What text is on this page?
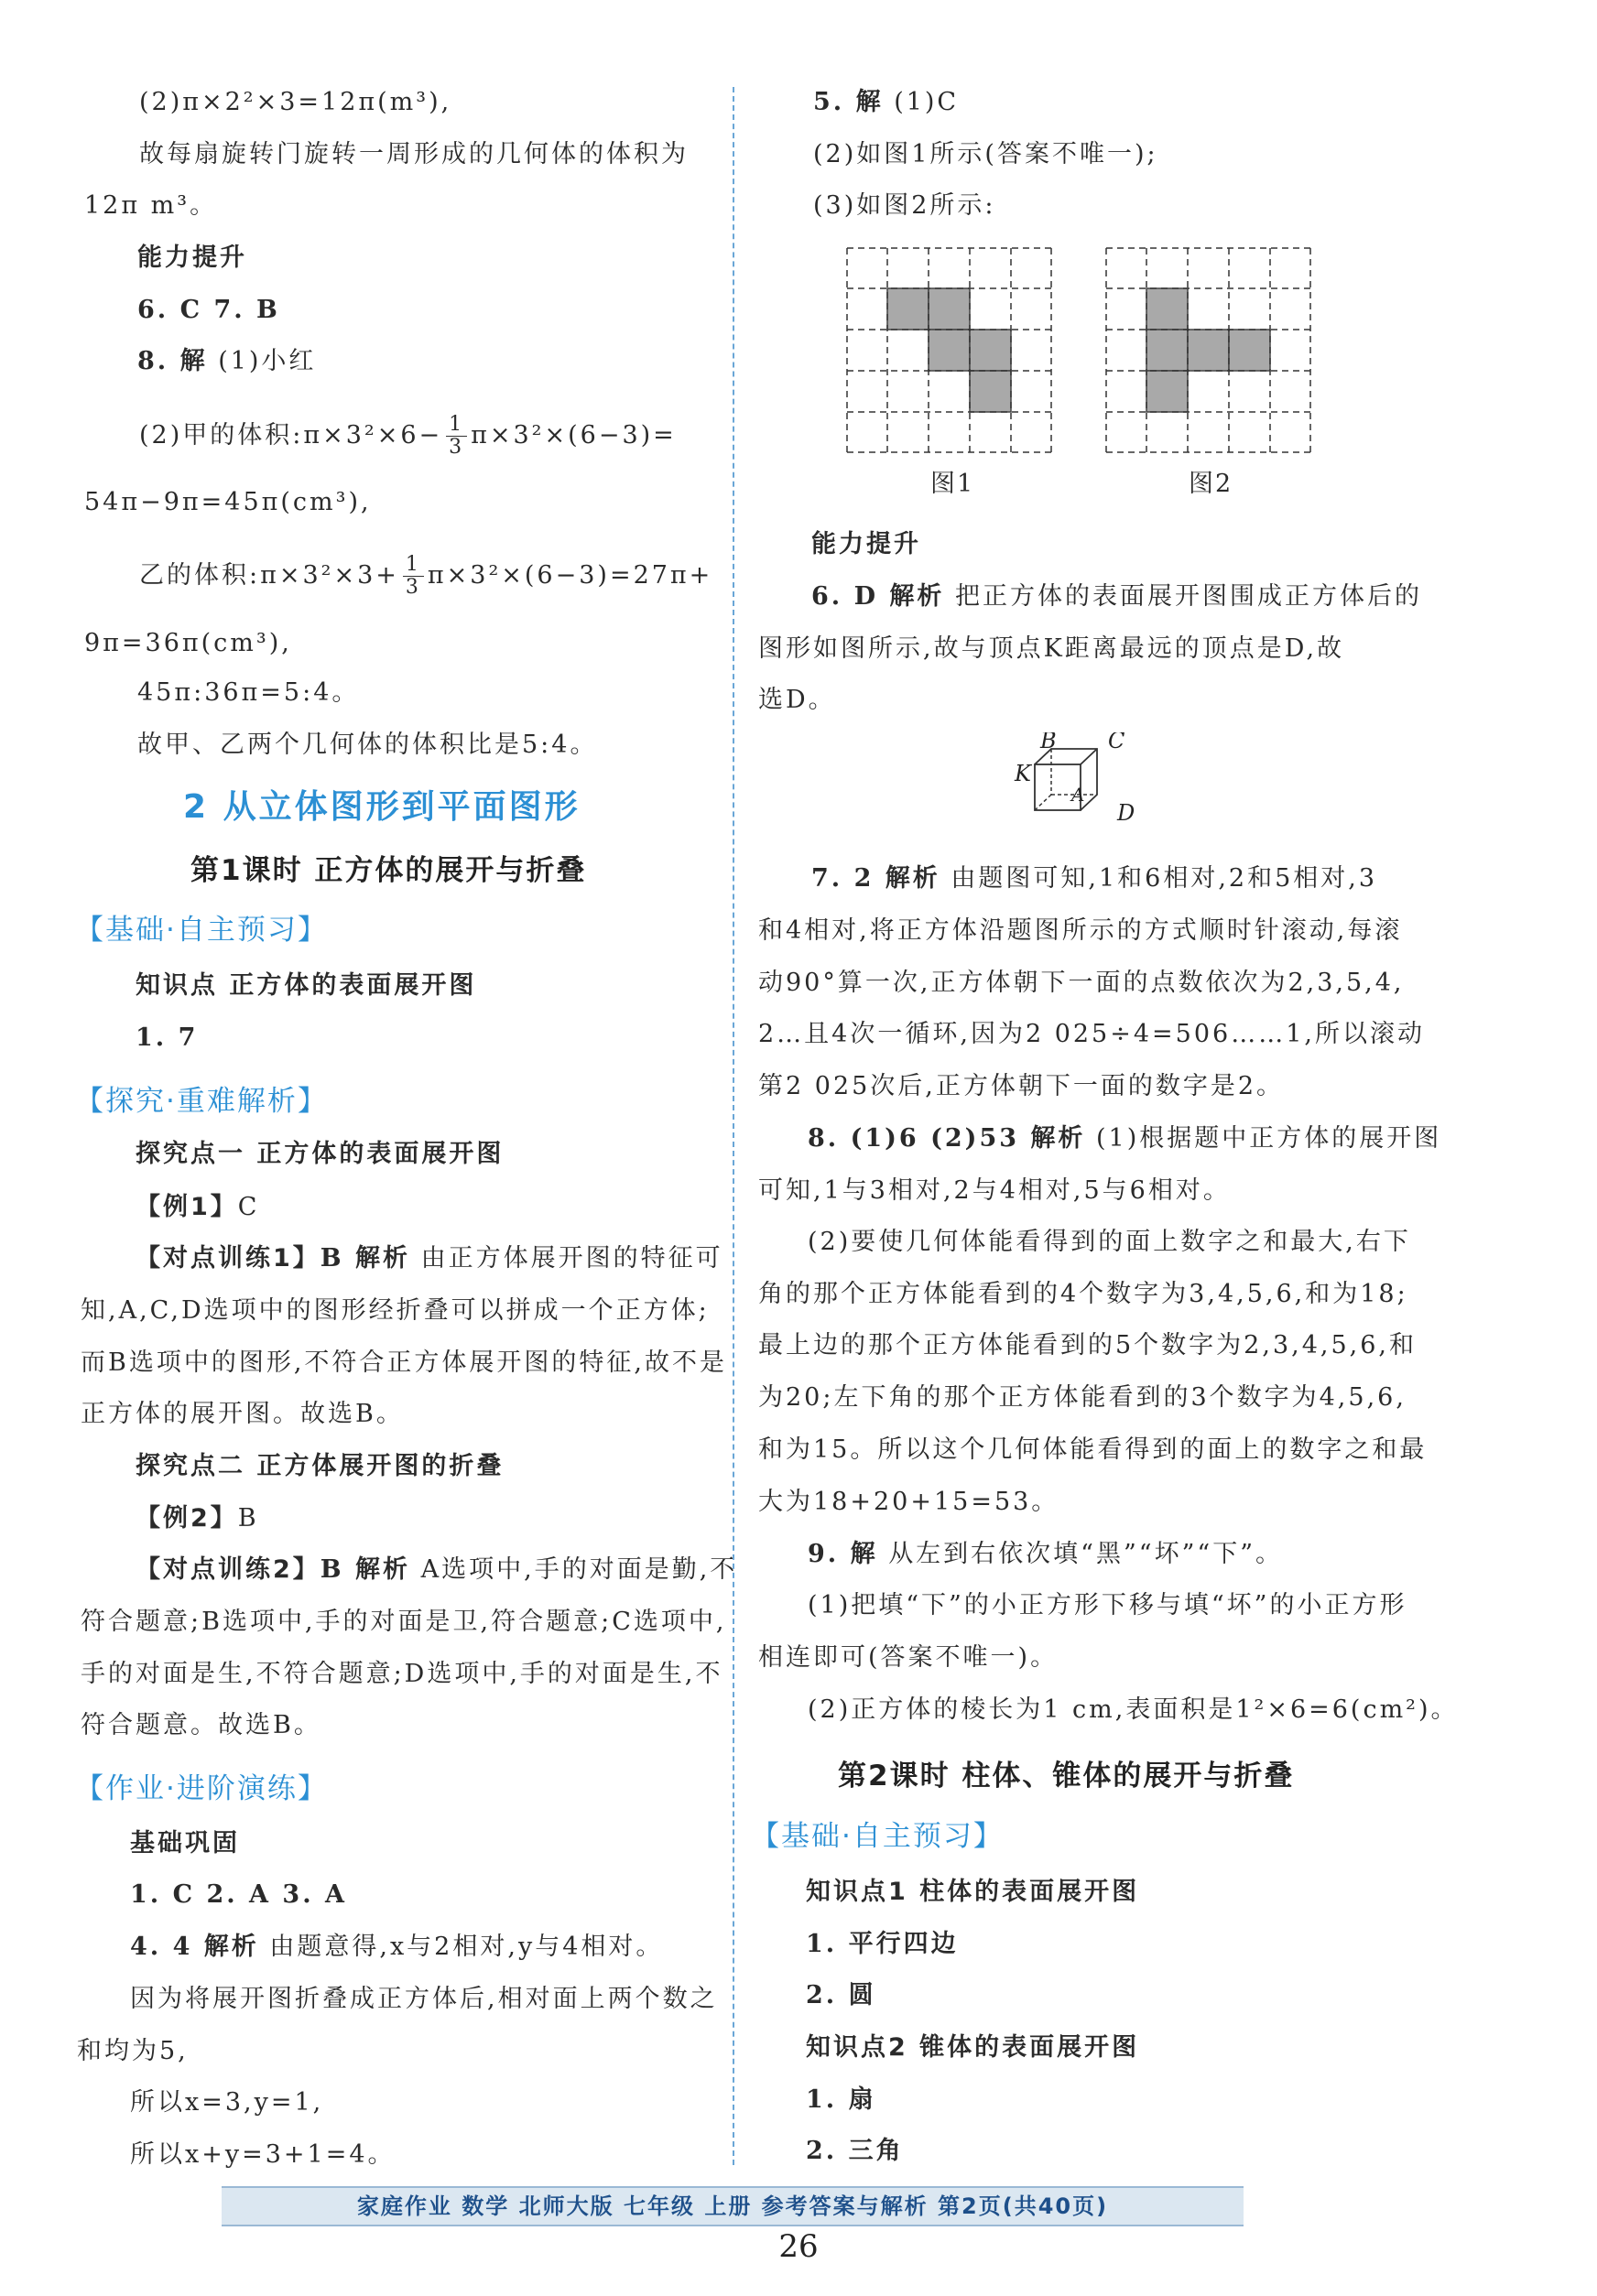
(2)π×2²×3=12π(m³),
故每扇旋转门旋转一周形成的几何体的体积为
12π m³。
能力提升
6. C 7. B
8. 解 (1)小红
(2)甲的体积:π×3²×6− $\frac{1}{3} \pi\times 3^2\times(6-3)=$
54π−9π=45π(cm³),
乙的体积:π×3²×3+ $\frac{1}{3} \pi\times 3^2\times(6-3)=27\pi+$
9π=36π(cm³),
45π:36π=5:4。
故甲、乙两个几何体的体积比是5:4。
2 从立体图形到平面图形
第1课时 正方体的展开与折叠
【基础·自主预习】
知识点 正方体的表面展开图
1. 7
【探究·重难解析】
探究点一 正方体的表面展开图
【例1】C
【对点训练1】B 解析 由正方体展开图的特征可
知,A,C,D选项中的图形经折叠可以拼成一个正方体;
而B选项中的图形,不符合正方体展开图的特征,故不是
正方体的展开图。故选B。
探究点二 正方体展开图的折叠
【例2】B
【对点训练2】B 解析 A选项中,手的对面是勤,不
符合题意;B选项中,手的对面是卫,符合题意;C选项中,
手的对面是生,不符合题意;D选项中,手的对面是生,不
符合题意。故选B。
【作业·进阶演练】
基础巩固
1. C 2. A 3. A
4. 4 解析 由题意得,x与2相对,y与4相对。
因为将展开图折叠成正方体后,相对面上两个数之
和均为5,
所以x=3,y=1,
所以x+y=3+1=4。
5. 解 (1)C
(2)如图1所示(答案不唯一);
(3)如图2所示:
图1	图2
能力提升
6. D 解析 把正方体的表面展开图围成正方体后的
图形如图所示,故与顶点K距离最远的顶点是D,故
选D。
B C
K
A
D
7. 2 解析 由题图可知,1和6相对,2和5相对,3
和4相对,将正方体沿题图所示的方式顺时针滚动,每滚
动90°算一次,正方体朝下一面的点数依次为2,3,5,4,
2…且4次一循环,因为2 025÷4=506……1,所以滚动
第2 025次后,正方体朝下一面的数字是2。
8. (1)6 (2)53 解析 (1)根据题中正方体的展开图
可知,1与3相对,2与4相对,5与6相对。
(2)要使几何体能看得到的面上数字之和最大,右下
角的那个正方体能看到的4个数字为3,4,5,6,和为18;
最上边的那个正方体能看到的5个数字为2,3,4,5,6,和
为20;左下角的那个正方体能看到的3个数字为4,5,6,
和为15。所以这个几何体能看得到的面上的数字之和最
大为18+20+15=53。
9. 解 从左到右依次填“黑”“坏”“下”。
(1)把填“下”的小正方形下移与填“坏”的小正方形
相连即可(答案不唯一)。
(2)正方体的棱长为1 cm,表面积是1²×6=6(cm²)。
第2课时 柱体、锥体的展开与折叠
【基础·自主预习】
知识点1 柱体的表面展开图
1. 平行四边
2. 圆
知识点2 锥体的表面展开图
1. 扇
2. 三角
家庭作业 数学 北师大版 七年级 上册 参考答案与解析 第2页(共40页)
26
